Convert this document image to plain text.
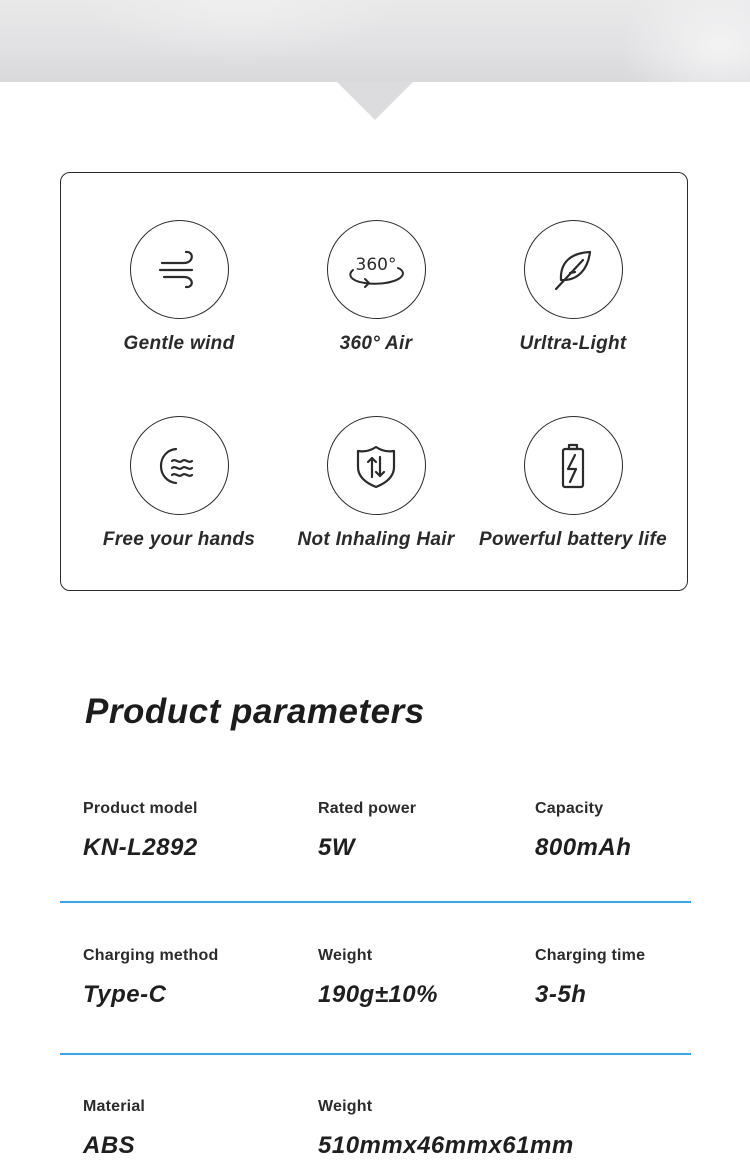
Gentle wind
360°
360° Air	Urltra-Light
Free your hands	Not Inhaling Hair	Powerful battery life
Product parameters
Product model
KN-L2892
Rated power
5W
Capacity
800mAh
Charging method
Type-C
Weight
190g±10%
Charging time
3-5h
Material
ABS
Weight
510mmx46mmx61mm
